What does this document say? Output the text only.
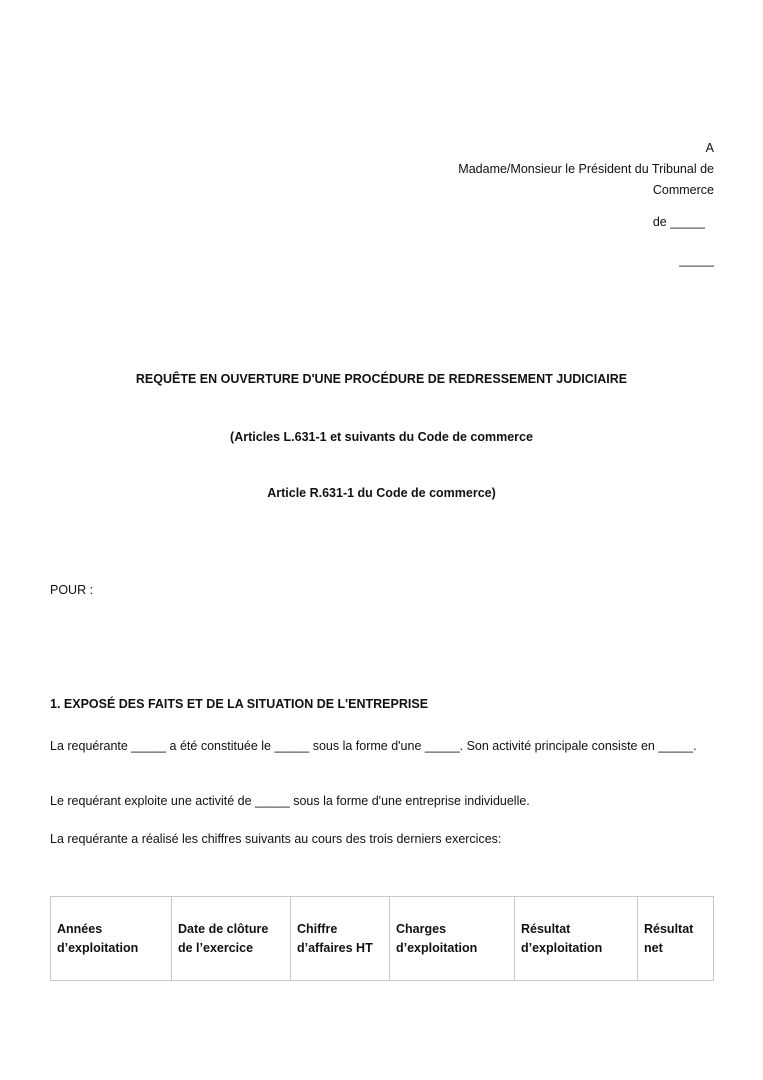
A
Madame/Monsieur le Président du Tribunal de
Commerce
de _____
_____
REQUÊTE EN OUVERTURE D'UNE PROCÉDURE DE REDRESSEMENT JUDICIAIRE
(Articles L.631-1 et suivants du Code de commerce
Article R.631-1 du Code de commerce)
POUR :
1. EXPOSÉ DES FAITS ET DE LA SITUATION DE L'ENTREPRISE
La requérante _____ a été constituée le _____ sous la forme d'une _____. Son activité principale consiste en _____.
Le requérant exploite une activité de _____ sous la forme d'une entreprise individuelle.
La requérante a réalisé les chiffres suivants au cours des trois derniers exercices:
Années d’exploitation	Date de clôture de l’exercice	Chiffre d’affaires HT	Charges d’exploitation	Résultat d’exploitation	Résultat net
